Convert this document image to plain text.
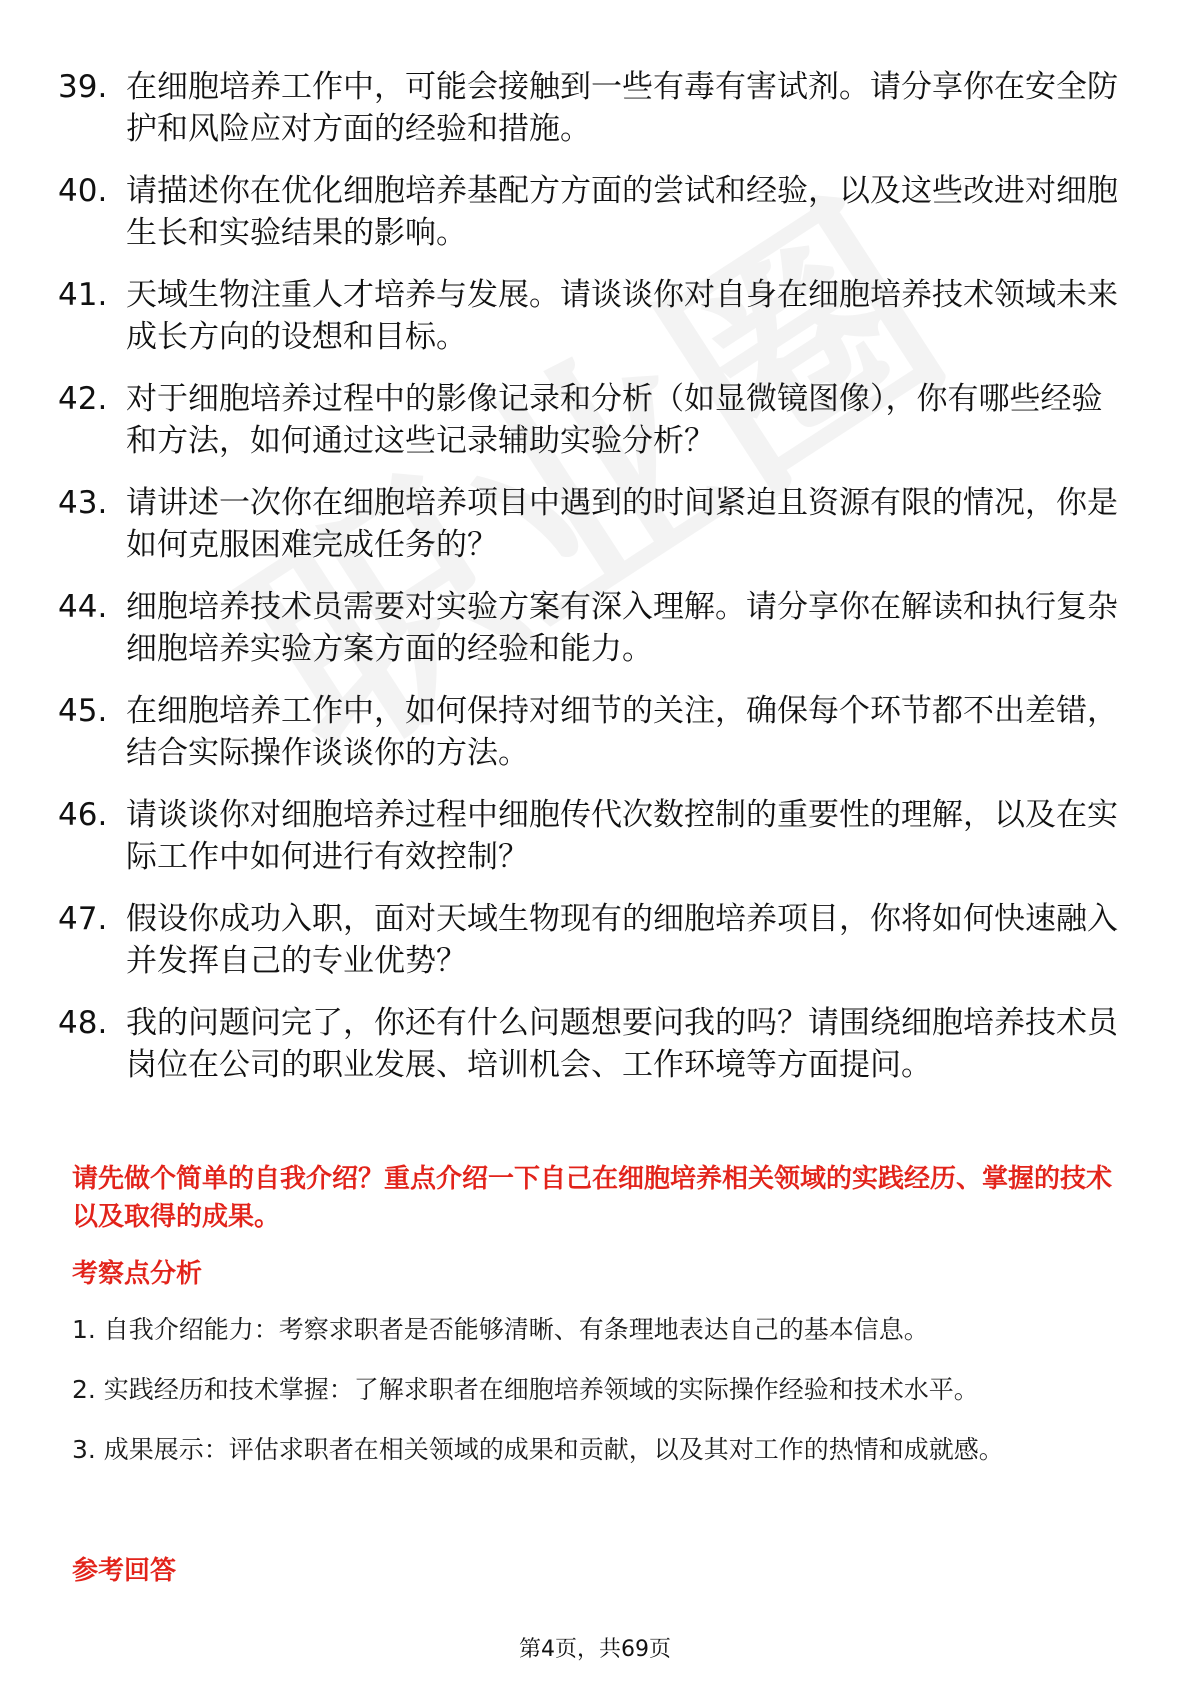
39. 在细胞培养工作中，可能会接触到一些有毒有害试剂。请分享你在安全防护和风险应对方面的经验和措施。
40. 请描述你在优化细胞培养基配方方面的尝试和经验，以及这些改进对细胞生长和实验结果的影响。
41. 天域生物注重人才培养与发展。请谈谈你对自身在细胞培养技术领域未来成长方向的设想和目标。
42. 对于细胞培养过程中的影像记录和分析（如显微镜图像），你有哪些经验和方法，如何通过这些记录辅助实验分析？
43. 请讲述一次你在细胞培养项目中遇到的时间紧迫且资源有限的情况，你是如何克服困难完成任务的？
44. 细胞培养技术员需要对实验方案有深入理解。请分享你在解读和执行复杂细胞培养实验方案方面的经验和能力。
45. 在细胞培养工作中，如何保持对细节的关注，确保每个环节都不出差错，结合实际操作谈谈你的方法。
46. 请谈谈你对细胞培养过程中细胞传代次数控制的重要性的理解，以及在实际工作中如何进行有效控制？
47. 假设你成功入职，面对天域生物现有的细胞培养项目，你将如何快速融入并发挥自己的专业优势？
48. 我的问题问完了，你还有什么问题想要问我的吗？请围绕细胞培养技术员岗位在公司的职业发展、培训机会、工作环境等方面提问。
请先做个简单的自我介绍？重点介绍一下自己在细胞培养相关领域的实践经历、掌握的技术以及取得的成果。
考察点分析
1. 自我介绍能力：考察求职者是否能够清晰、有条理地表达自己的基本信息。
2. 实践经历和技术掌握：了解求职者在细胞培养领域的实际操作经验和技术水平。
3. 成果展示：评估求职者在相关领域的成果和贡献，以及其对工作的热情和成就感。
参考回答
第4页，共69页
